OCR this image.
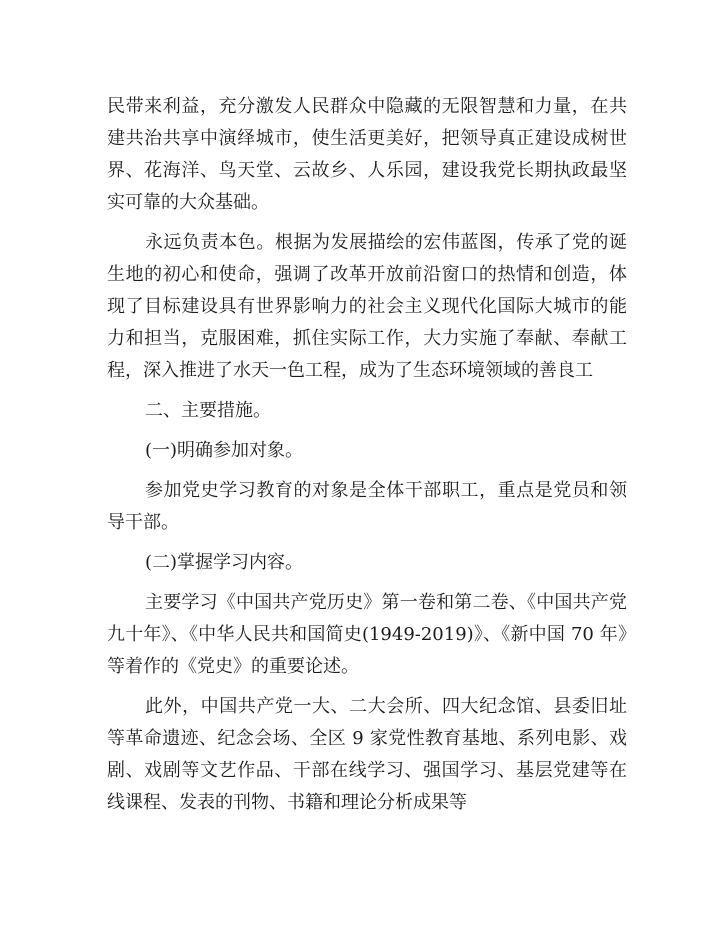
民带来利益，充分激发人民群众中隐藏的无限智慧和力量，在共建共治共享中演绎城市，使生活更美好，把领导真正建设成树世界、花海洋、鸟天堂、云故乡、人乐园，建设我党长期执政最坚实可靠的大众基础。

永远负责本色。根据为发展描绘的宏伟蓝图，传承了党的诞生地的初心和使命，强调了改革开放前沿窗口的热情和创造，体现了目标建设具有世界影响力的社会主义现代化国际大城市的能力和担当，克服困难，抓住实际工作，大力实施了奉献、奉献工程，深入推进了水天一色工程，成为了生态环境领域的善良工

二、主要措施。

(一)明确参加对象。

参加党史学习教育的对象是全体干部职工，重点是党员和领导干部。

(二)掌握学习内容。

主要学习《中国共产党历史》第一卷和第二卷、《中国共产党九十年》、《中华人民共和国简史(1949-2019)》、《新中国 70 年》等着作的《党史》的重要论述。

此外，中国共产党一大、二大会所、四大纪念馆、县委旧址等革命遗迹、纪念会场、全区 9 家党性教育基地、系列电影、戏剧、戏剧等文艺作品、干部在线学习、强国学习、基层党建等在线课程、发表的刊物、书籍和理论分析成果等
